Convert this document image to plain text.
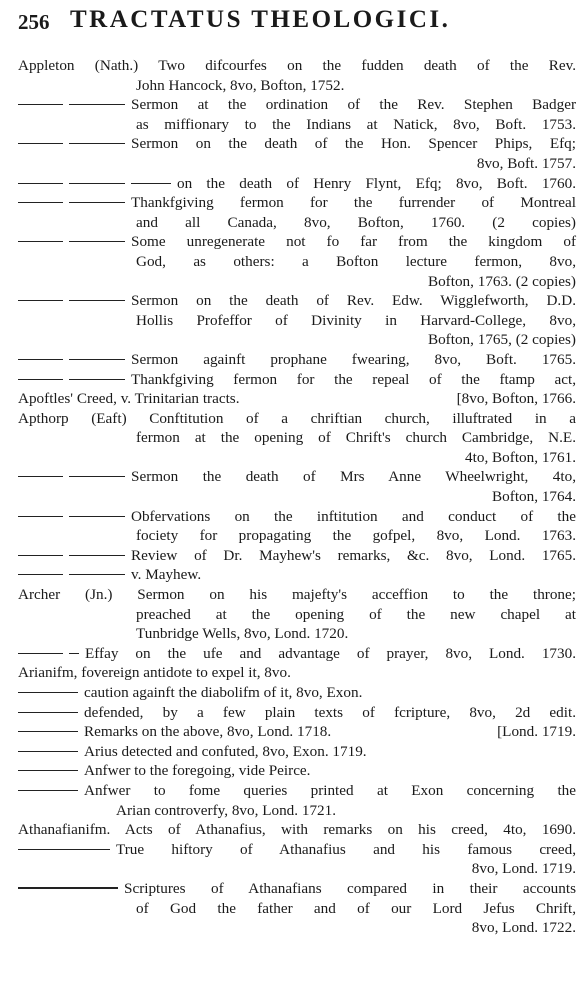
256 TRACTATUS THEOLOGICI.
Appleton (Nath.) Two difcourfes on the fudden death of the Rev.
John Hancock, 8vo, Bofton, 1752.
Sermon at the ordination of the Rev. Stephen Badger
as miffionary to the Indians at Natick, 8vo, Boft. 1753.
Sermon on the death of the Hon. Spencer Phips, Efq;
8vo, Boft. 1757.
on the death of Henry Flynt, Efq; 8vo, Boft. 1760.
Thankfgiving fermon for the furrender of Montreal
and all Canada, 8vo, Bofton, 1760. (2 copies)
Some unregenerate not fo far from the kingdom of
God, as others: a Bofton lecture fermon, 8vo,
Bofton, 1763. (2 copies)
Sermon on the death of Rev. Edw. Wigglefworth, D.D.
Hollis Profeffor of Divinity in Harvard-College, 8vo,
Bofton, 1765, (2 copies)
Sermon againft prophane fwearing, 8vo, Boft. 1765.
Thankfgiving fermon for the repeal of the ftamp act,
[8vo, Bofton, 1766.
Apoftles' Creed, v. Trinitarian tracts.
Apthorp (Eaft) Conftitution of a chriftian church, illuftrated in a
fermon at the opening of Chrift's church Cambridge, N.E.
4to, Bofton, 1761.
Sermon the death of Mrs Anne Wheelwright, 4to,
Bofton, 1764.
Obfervations on the inftitution and conduct of the
fociety for propagating the gofpel, 8vo, Lond. 1763.
Review of Dr. Mayhew's remarks, &c. 8vo, Lond. 1765.
v. Mayhew.
Archer (Jn.) Sermon on his majefty's acceffion to the throne;
preached at the opening of the new chapel at
Tunbridge Wells, 8vo, Lond. 1720.
Effay on the ufe and advantage of prayer, 8vo, Lond. 1730.
Arianifm, fovereign antidote to expel it, 8vo.
caution againft the diabolifm of it, 8vo, Exon.
defended, by a few plain texts of fcripture, 8vo, 2d edit.
Remarks on the above, 8vo, Lond. 1718.	[Lond. 1719.
Arius detected and confuted, 8vo, Exon. 1719.
Anfwer to the foregoing, vide Peirce.
Anfwer to fome queries printed at Exon concerning the
Arian controverfy, 8vo, Lond. 1721.
Athanafianifm. Acts of Athanafius, with remarks on his creed, 4to, 1690.
True hiftory of Athanafius and his famous creed,
8vo, Lond. 1719.
Scriptures of Athanafians compared in their accounts
of God the father and of our Lord Jefus Chrift,
8vo, Lond. 1722.
